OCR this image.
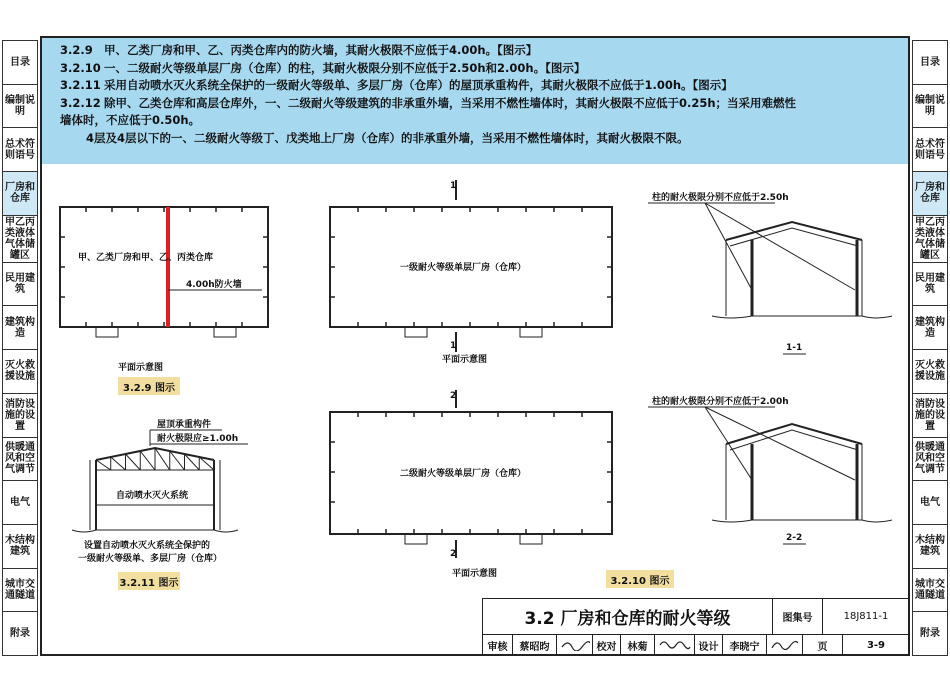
目录
编制说明
总术符则语号
厂房和仓库
甲乙丙类液体气体储罐区
民用建筑
建筑构造
灭火救援设施
消防设施的设置
供暖通风和空气调节
电气
木结构建筑
城市交通隧道
附录
目录
编制说明
总术符则语号
厂房和仓库
甲乙丙类液体气体储罐区
民用建筑
建筑构造
灭火救援设施
消防设施的设置
供暖通风和空气调节
电气
木结构建筑
城市交通隧道
附录
3.2.9 甲、乙类厂房和甲、乙、丙类仓库内的防火墙，其耐火极限不应低于4.00h。【图示】
3.2.10 一、二级耐火等级单层厂房（仓库）的柱，其耐火极限分别不应低于2.50h和2.00h。【图示】
3.2.11 采用自动喷水灭火系统全保护的一级耐火等级单、多层厂房（仓库）的屋顶承重构件，其耐火极限不应低于1.00h。【图示】
3.2.12 除甲、乙类仓库和高层仓库外，一、二级耐火等级建筑的非承重外墙，当采用不燃性墙体时，其耐火极限不应低于0.25h；当采用难燃性
墙体时，不应低于0.50h。
4层及4层以下的一、二级耐火等级丁、戊类地上厂房（仓库）的非承重外墙，当采用不燃性墙体时，其耐火极限不限。
甲、乙类厂房和甲、乙、丙类仓库
4.00h防火墙
平面示意图
1
1
一级耐火等级单层厂房（仓库）
平面示意图
2
2
二级耐火等级单层厂房（仓库）
平面示意图
柱的耐火极限分别不应低于2.50h
1-1
柱的耐火极限分别不应低于2.00h
2-2
屋顶承重构件
耐火极限应≥1.00h
自动喷水灭火系统
设置自动喷水灭火系统全保护的
一级耐火等级单、多层厂房（仓库）
3.2.9 图示
3.2.11 图示	3.2.10 图示
3.2 厂房和仓库的耐火等级	图集号	18J811-1
审核	蔡昭昀	校对	林菊	设计	李晓宁	页	3-9
